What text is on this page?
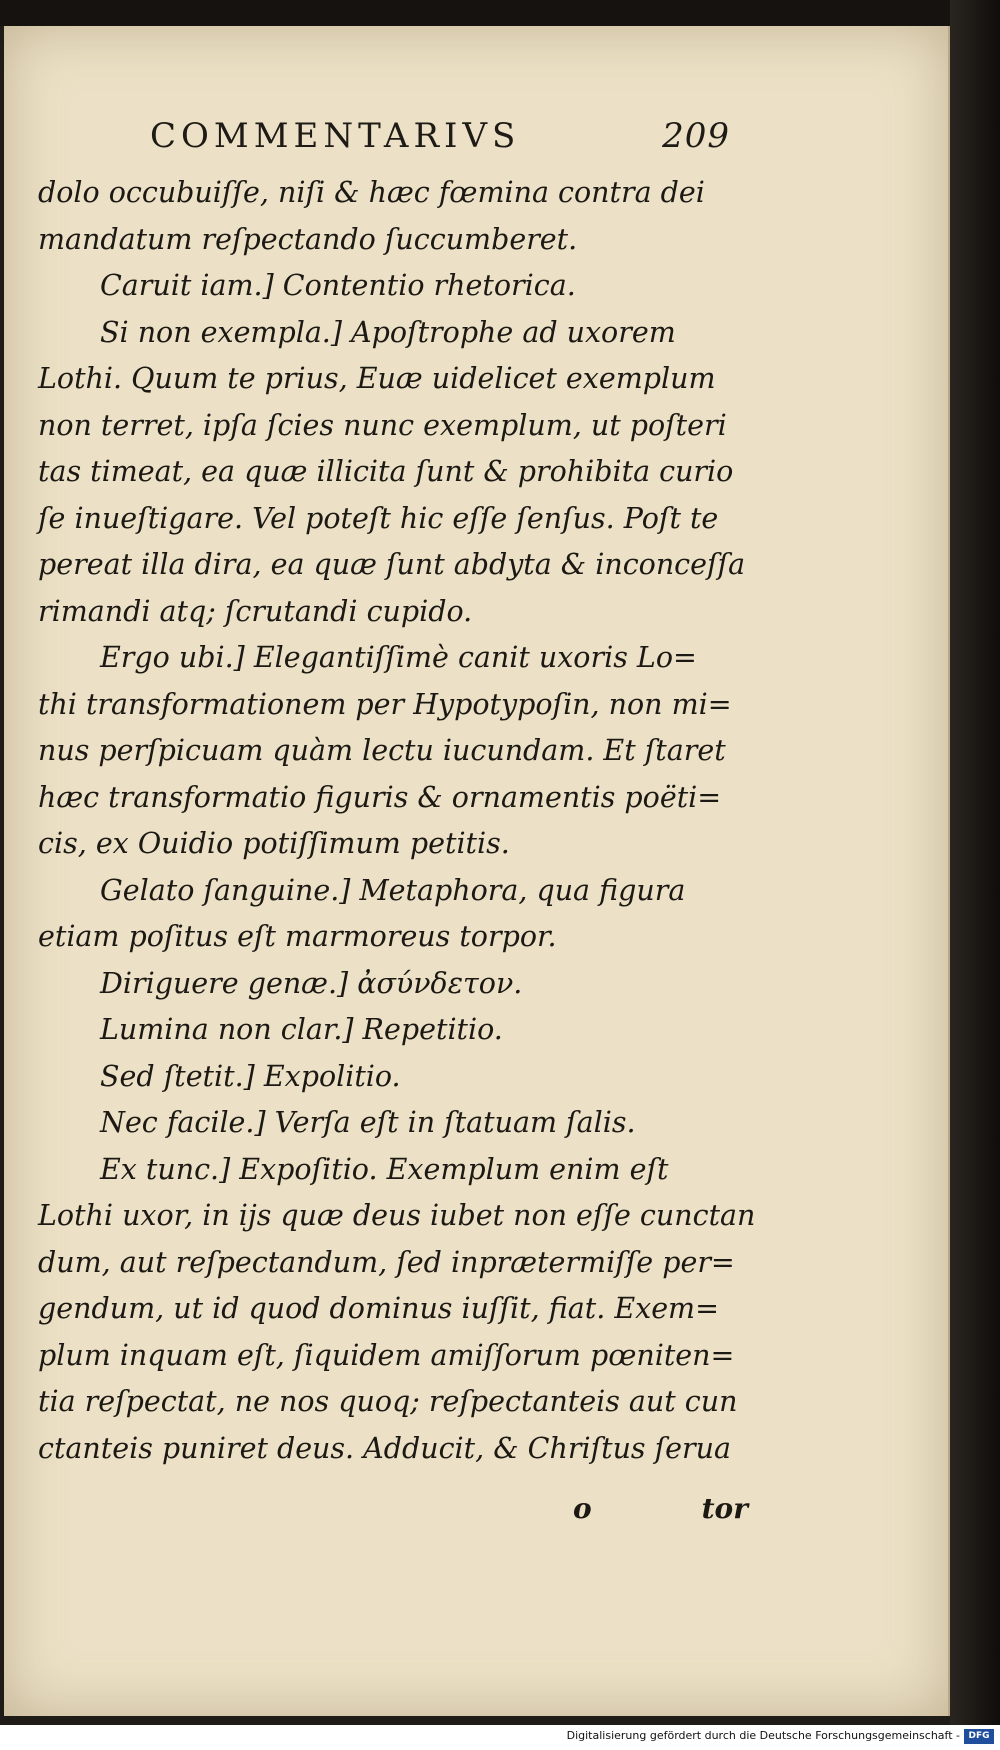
COMMENTARIVS	209
dolo occubuiſſe, niſi & hæc fœmina contra dei
mandatum reſpectando ſuccumberet.
Caruit iam.] Contentio rhetorica.
Si non exempla.] Apoſtrophe ad uxorem
Lothi. Quum te prius, Euæ uidelicet exemplum
non terret, ipſa ſcies nunc exemplum, ut poſteri
tas timeat, ea quæ illicita ſunt & prohibita curio
ſe inueſtigare. Vel poteſt hic eſſe ſenſus. Poſt te
pereat illa dira, ea quæ ſunt abdyta & inconceſſa
rimandi atq; ſcrutandi cupido.
Ergo ubi.] Elegantiſſimè canit uxoris Lo=
thi transformationem per Hypotypoſin, non mi=
nus perſpicuam quàm lectu iucundam. Et ſtaret
hæc transformatio figuris & ornamentis poëti=
cis, ex Ouidio potiſſimum petitis.
Gelato ſanguine.] Metaphora, qua figura
etiam poſitus eſt marmoreus torpor.
Diriguere genæ.] ἀσύνδετον.
Lumina non clar.] Repetitio.
Sed ſtetit.] Expolitio.
Nec facile.] Verſa eſt in ſtatuam ſalis.
Ex tunc.] Expoſitio. Exemplum enim eſt
Lothi uxor, in ijs quæ deus iubet non eſſe cunctan
dum, aut reſpectandum, ſed inprætermiſſe per=
gendum, ut id quod dominus iuſſit, fiat. Exem=
plum inquam eſt, ſiquidem amiſſorum pœniten=
tia reſpectat, ne nos quoq; reſpectanteis aut cun
ctanteis puniret deus. Adducit, & Chriſtus ſerua
o	tor
Digitalisierung gefördert durch die Deutsche Forschungsgemeinschaft - DFG
